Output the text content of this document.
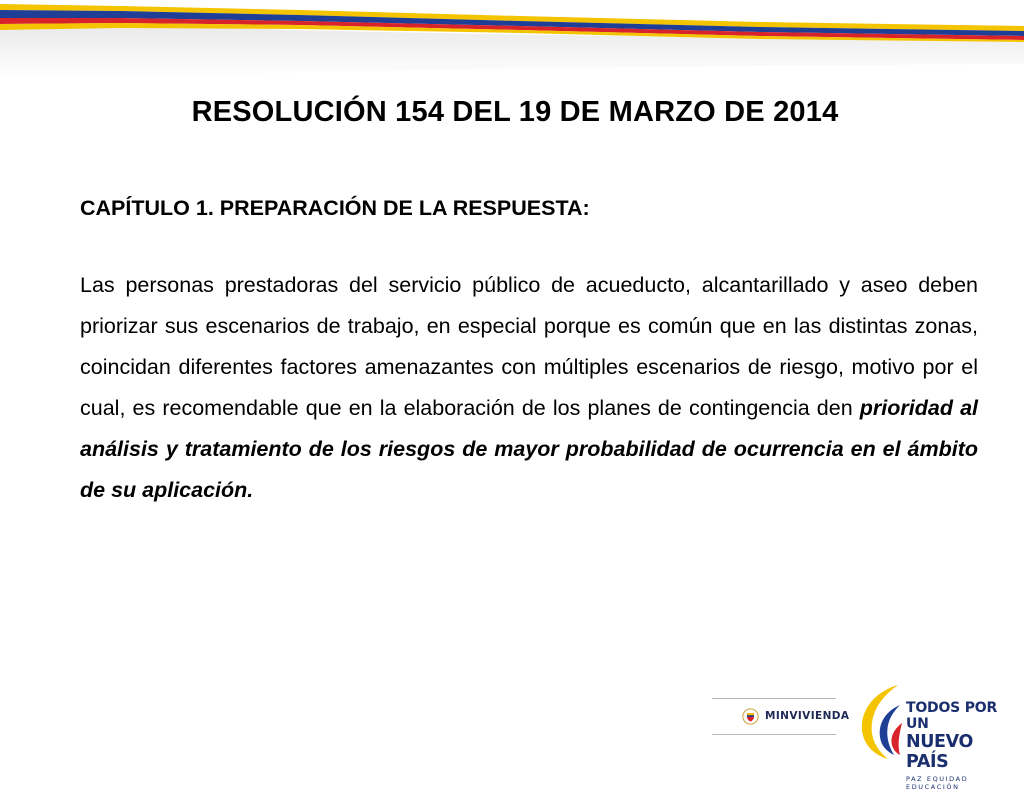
RESOLUCIÓN 154 DEL 19 DE MARZO DE 2014

CAPÍTULO 1. PREPARACIÓN DE LA RESPUESTA:

Las personas prestadoras del servicio público de acueducto, alcantarillado y aseo deben priorizar sus escenarios de trabajo, en especial porque es común que en las distintas zonas, coincidan diferentes factores amenazantes con múltiples escenarios de riesgo, motivo por el cual, es recomendable que en la elaboración de los planes de contingencia den prioridad al análisis y tratamiento de los riesgos de mayor probabilidad de ocurrencia en el ámbito de su aplicación.

MINVIVIENDA	TODOS POR UN
NUEVO PAÍS
PAZ EQUIDAD EDUCACIÓN
